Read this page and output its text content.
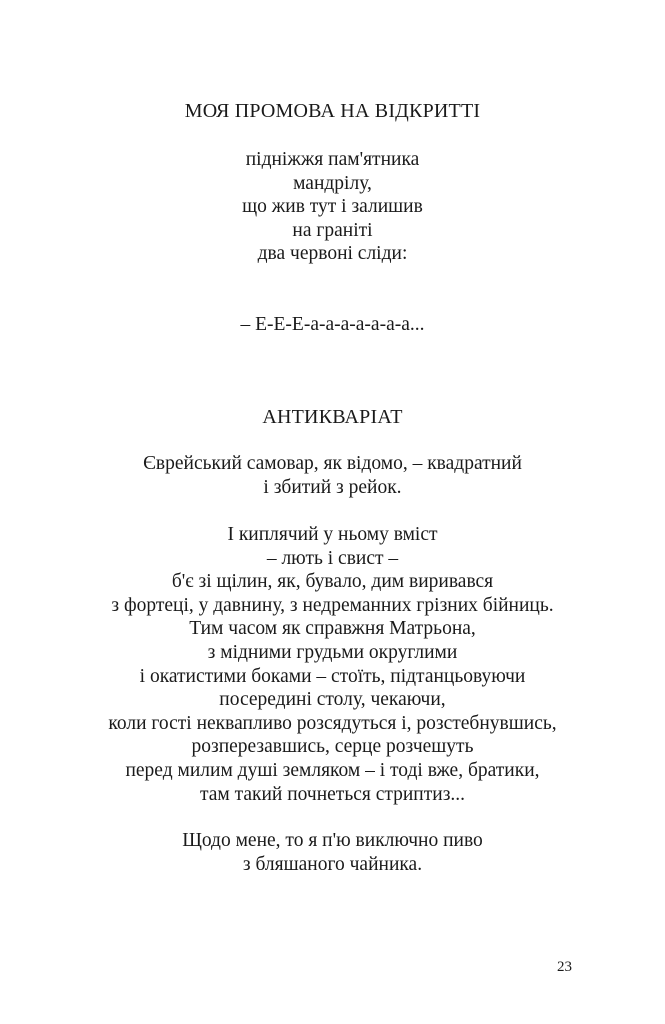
МОЯ ПРОМОВА НА ВІДКРИТТІ
підніжжя пам'ятника
мандрілу,
що жив тут і залишив
на граніті
два червоні сліди:
– Е-Е-Е-а-а-а-а-а-а-а...
АНТИКВАРІАТ
Єврейський самовар, як відомо, – квадратний
і збитий з рейок.
І киплячий у ньому вміст
– лють і свист –
б'є зі щілин, як, бувало, дим виривався
з фортеці, у давнину, з недреманних грізних бійниць.
Тим часом як справжня Матрьона,
з мідними грудьми округлими
і окатистими боками – стоїть, підтанцьовуючи
посередині столу, чекаючи,
коли гості неквапливо розсядуться і, розстебнувшись,
розперезавшись, серце розчешуть
перед милим душі земляком – і тоді вже, братики,
там такий почнеться стриптиз...
Щодо мене, то я п'ю виключно пиво
з бляшаного чайника.
23
